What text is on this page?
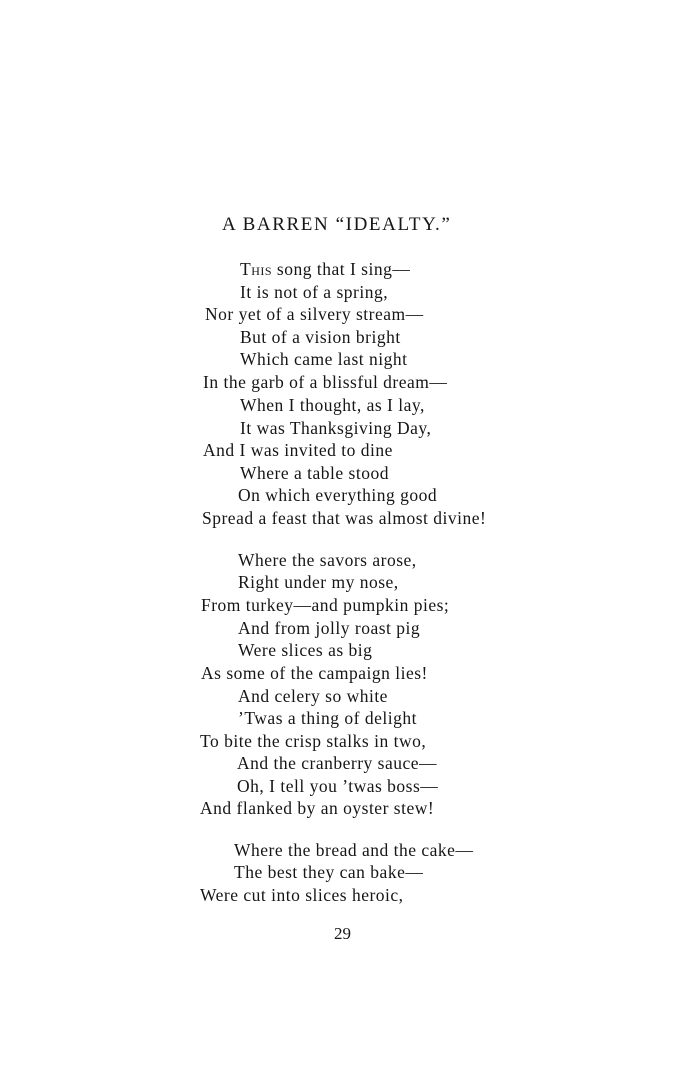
A BARREN “IDEALTY.”
This song that I sing—
It is not of a spring,
Nor yet of a silvery stream—
But of a vision bright
Which came last night
In the garb of a blissful dream—
When I thought, as I lay,
It was Thanksgiving Day,
And I was invited to dine
Where a table stood
On which everything good
Spread a feast that was almost divine!
Where the savors arose,
Right under my nose,
From turkey—and pumpkin pies;
And from jolly roast pig
Were slices as big
As some of the campaign lies!
And celery so white
’Twas a thing of delight
To bite the crisp stalks in two,
And the cranberry sauce—
Oh, I tell you ’twas boss—
And flanked by an oyster stew!
Where the bread and the cake—
The best they can bake—
Were cut into slices heroic,
29
